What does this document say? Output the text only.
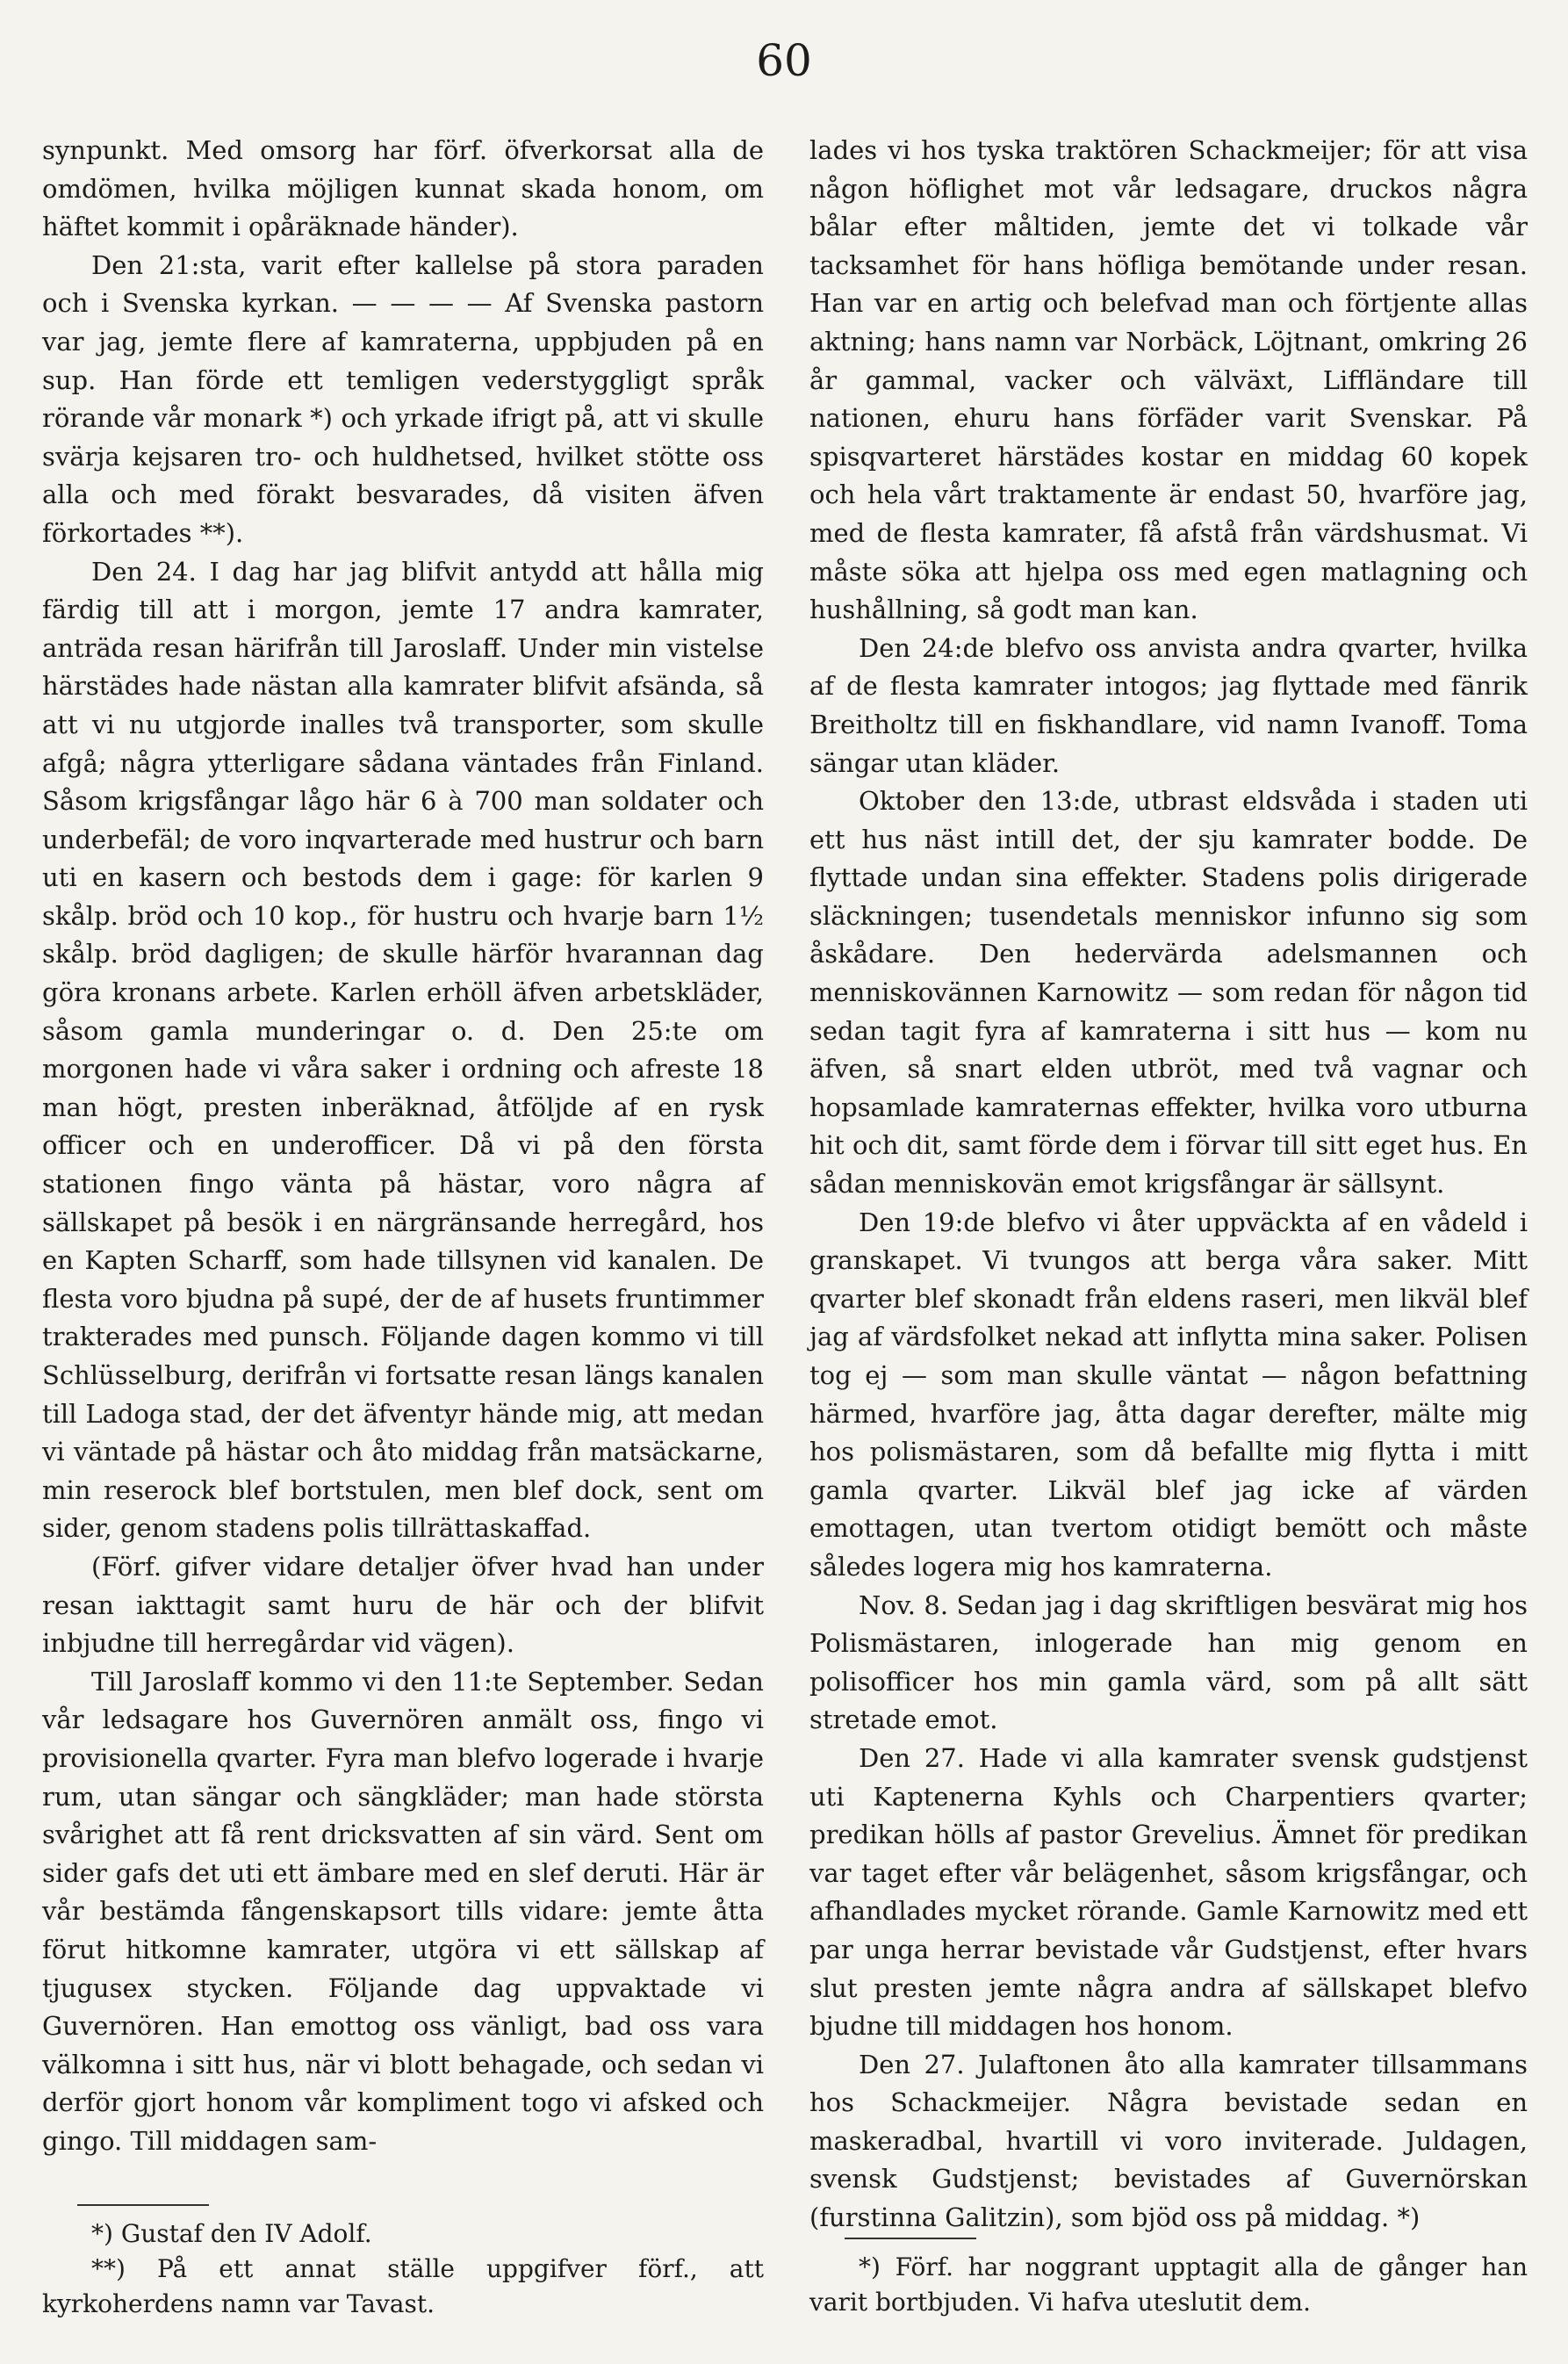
60

synpunkt. Med omsorg har förf. öfverkorsat alla de omdömen, hvilka möjligen kunnat skada honom, om häftet kommit i opåräknade händer).

Den 21:sta, varit efter kallelse på stora paraden och i Svenska kyrkan. — — — — Af Svenska pastorn var jag, jemte flere af kamraterna, uppbjuden på en sup. Han förde ett temligen vederstyggligt språk rörande vår monark *) och yrkade ifrigt på, att vi skulle svärja kejsaren tro- och huldhetsed, hvilket stötte oss alla och med förakt besvarades, då visiten äfven förkortades **).

Den 24. I dag har jag blifvit antydd att hålla mig färdig till att i morgon, jemte 17 andra kamrater, anträda resan härifrån till Jaroslaff. Under min vistelse härstädes hade nästan alla kamrater blifvit afsända, så att vi nu utgjorde inalles två transporter, som skulle afgå; några ytterligare sådana väntades från Finland. Såsom krigsfångar lågo här 6 à 700 man soldater och underbefäl; de voro inqvarterade med hustrur och barn uti en kasern och bestods dem i gage: för karlen 9 skålp. bröd och 10 kop., för hustru och hvarje barn 1½ skålp. bröd dagligen; de skulle härför hvarannan dag göra kronans arbete. Karlen erhöll äfven arbetskläder, såsom gamla munderingar o. d. Den 25:te om morgonen hade vi våra saker i ordning och afreste 18 man högt, presten inberäknad, åtföljde af en rysk officer och en underofficer. Då vi på den första stationen fingo vänta på hästar, voro några af sällskapet på besök i en närgränsande herregård, hos en Kapten Scharff, som hade tillsynen vid kanalen. De flesta voro bjudna på supé, der de af husets fruntimmer trakterades med punsch. Följande dagen kommo vi till Schlüsselburg, derifrån vi fortsatte resan längs kanalen till Ladoga stad, der det äfventyr hände mig, att medan vi väntade på hästar och åto middag från matsäckarne, min reserock blef bortstulen, men blef dock, sent om sider, genom stadens polis tillrättaskaffad.

(Förf. gifver vidare detaljer öfver hvad han under resan iakttagit samt huru de här och der blifvit inbjudne till herregårdar vid vägen).

Till Jaroslaff kommo vi den 11:te September. Sedan vår ledsagare hos Guvernören anmält oss, fingo vi provisionella qvarter. Fyra man blefvo logerade i hvarje rum, utan sängar och sängkläder; man hade största svårighet att få rent dricksvatten af sin värd. Sent om sider gafs det uti ett ämbare med en slef deruti. Här är vår bestämda fångenskapsort tills vidare: jemte åtta förut hitkomne kamrater, utgöra vi ett sällskap af tjugusex stycken. Följande dag uppvaktade vi Guvernören. Han emottog oss vänligt, bad oss vara välkomna i sitt hus, när vi blott behagade, och sedan vi derför gjort honom vår kompliment togo vi afsked och gingo. Till middagen sam-

*) Gustaf den IV Adolf.

**) På ett annat ställe uppgifver förf., att kyrkoherdens namn var Tavast.

lades vi hos tyska traktören Schackmeijer; för att visa någon höflighet mot vår ledsagare, druckos några bålar efter måltiden, jemte det vi tolkade vår tacksamhet för hans höfliga bemötande under resan. Han var en artig och belefvad man och förtjente allas aktning; hans namn var Norbäck, Löjtnant, omkring 26 år gammal, vacker och välväxt, Liffländare till nationen, ehuru hans förfäder varit Svenskar. På spisqvarteret härstädes kostar en middag 60 kopek och hela vårt traktamente är endast 50, hvarföre jag, med de flesta kamrater, få afstå från värdshusmat. Vi måste söka att hjelpa oss med egen matlagning och hushållning, så godt man kan.

Den 24:de blefvo oss anvista andra qvarter, hvilka af de flesta kamrater intogos; jag flyttade med fänrik Breitholtz till en fiskhandlare, vid namn Ivanoff. Toma sängar utan kläder.

Oktober den 13:de, utbrast eldsvåda i staden uti ett hus näst intill det, der sju kamrater bodde. De flyttade undan sina effekter. Stadens polis dirigerade släckningen; tusendetals menniskor infunno sig som åskådare. Den hedervärda adelsmannen och menniskovännen Karnowitz — som redan för någon tid sedan tagit fyra af kamraterna i sitt hus — kom nu äfven, så snart elden utbröt, med två vagnar och hopsamlade kamraternas effekter, hvilka voro utburna hit och dit, samt förde dem i förvar till sitt eget hus. En sådan menniskovän emot krigsfångar är sällsynt.

Den 19:de blefvo vi åter uppväckta af en vådeld i granskapet. Vi tvungos att berga våra saker. Mitt qvarter blef skonadt från eldens raseri, men likväl blef jag af värdsfolket nekad att inflytta mina saker. Polisen tog ej — som man skulle väntat — någon befattning härmed, hvarföre jag, åtta dagar derefter, mälte mig hos polismästaren, som då befallte mig flytta i mitt gamla qvarter. Likväl blef jag icke af värden emottagen, utan tvertom otidigt bemött och måste således logera mig hos kamraterna.

Nov. 8. Sedan jag i dag skriftligen besvärat mig hos Polismästaren, inlogerade han mig genom en polisofficer hos min gamla värd, som på allt sätt stretade emot.

Den 27. Hade vi alla kamrater svensk gudstjenst uti Kaptenerna Kyhls och Charpentiers qvarter; predikan hölls af pastor Grevelius. Ämnet för predikan var taget efter vår belägenhet, såsom krigsfångar, och afhandlades mycket rörande. Gamle Karnowitz med ett par unga herrar bevistade vår Gudstjenst, efter hvars slut presten jemte några andra af sällskapet blefvo bjudne till middagen hos honom.

Den 27. Julaftonen åto alla kamrater tillsammans hos Schackmeijer. Några bevistade sedan en maskeradbal, hvartill vi voro inviterade. Juldagen, svensk Gudstjenst; bevistades af Guvernörskan (furstinna Galitzin), som bjöd oss på middag. *)

*) Förf. har noggrant upptagit alla de gånger han varit bortbjuden. Vi hafva uteslutit dem.
